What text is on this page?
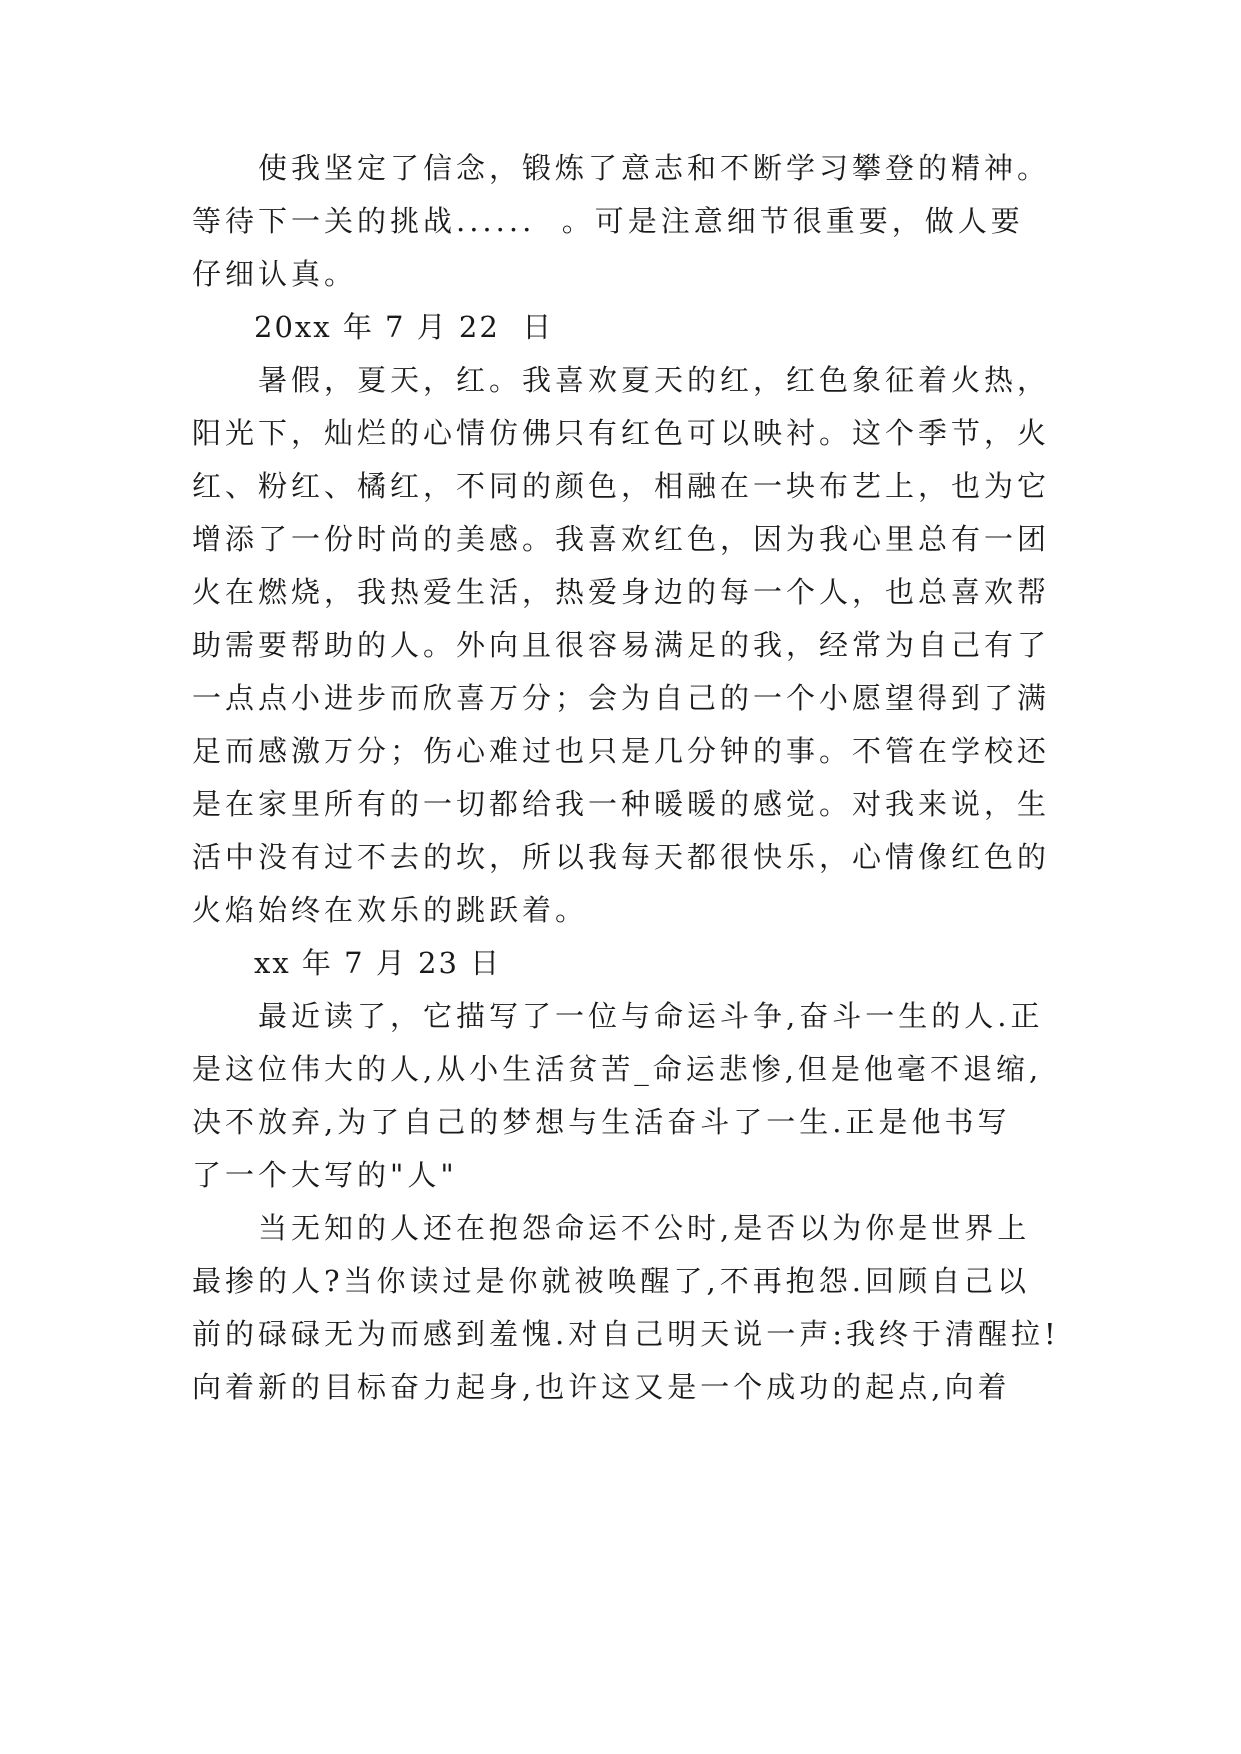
使我坚定了信念，锻炼了意志和不断学习攀登的精神。
等待下一关的挑战......  。可是注意细节很重要，做人要
仔细认真。
20xx 年 7 月 22  日
暑假，夏天，红。我喜欢夏天的红，红色象征着火热，
阳光下，灿烂的心情仿佛只有红色可以映衬。这个季节，火
红、粉红、橘红，不同的颜色，相融在一块布艺上，也为它
增添了一份时尚的美感。我喜欢红色，因为我心里总有一团
火在燃烧，我热爱生活，热爱身边的每一个人，也总喜欢帮
助需要帮助的人。外向且很容易满足的我，经常为自己有了
一点点小进步而欣喜万分；会为自己的一个小愿望得到了满
足而感激万分；伤心难过也只是几分钟的事。不管在学校还
是在家里所有的一切都给我一种暖暖的感觉。对我来说，生
活中没有过不去的坎，所以我每天都很快乐，心情像红色的
火焰始终在欢乐的跳跃着。
xx 年 7 月 23 日
最近读了，它描写了一位与命运斗争,奋斗一生的人.正
是这位伟大的人,从小生活贫苦_命运悲惨,但是他毫不退缩,
决不放弃,为了自己的梦想与生活奋斗了一生.正是他书写
了一个大写的"人"
当无知的人还在抱怨命运不公时,是否以为你是世界上
最掺的人?当你读过是你就被唤醒了,不再抱怨.回顾自己以
前的碌碌无为而感到羞愧.对自己明天说一声:我终于清醒拉!
向着新的目标奋力起身,也许这又是一个成功的起点,向着
